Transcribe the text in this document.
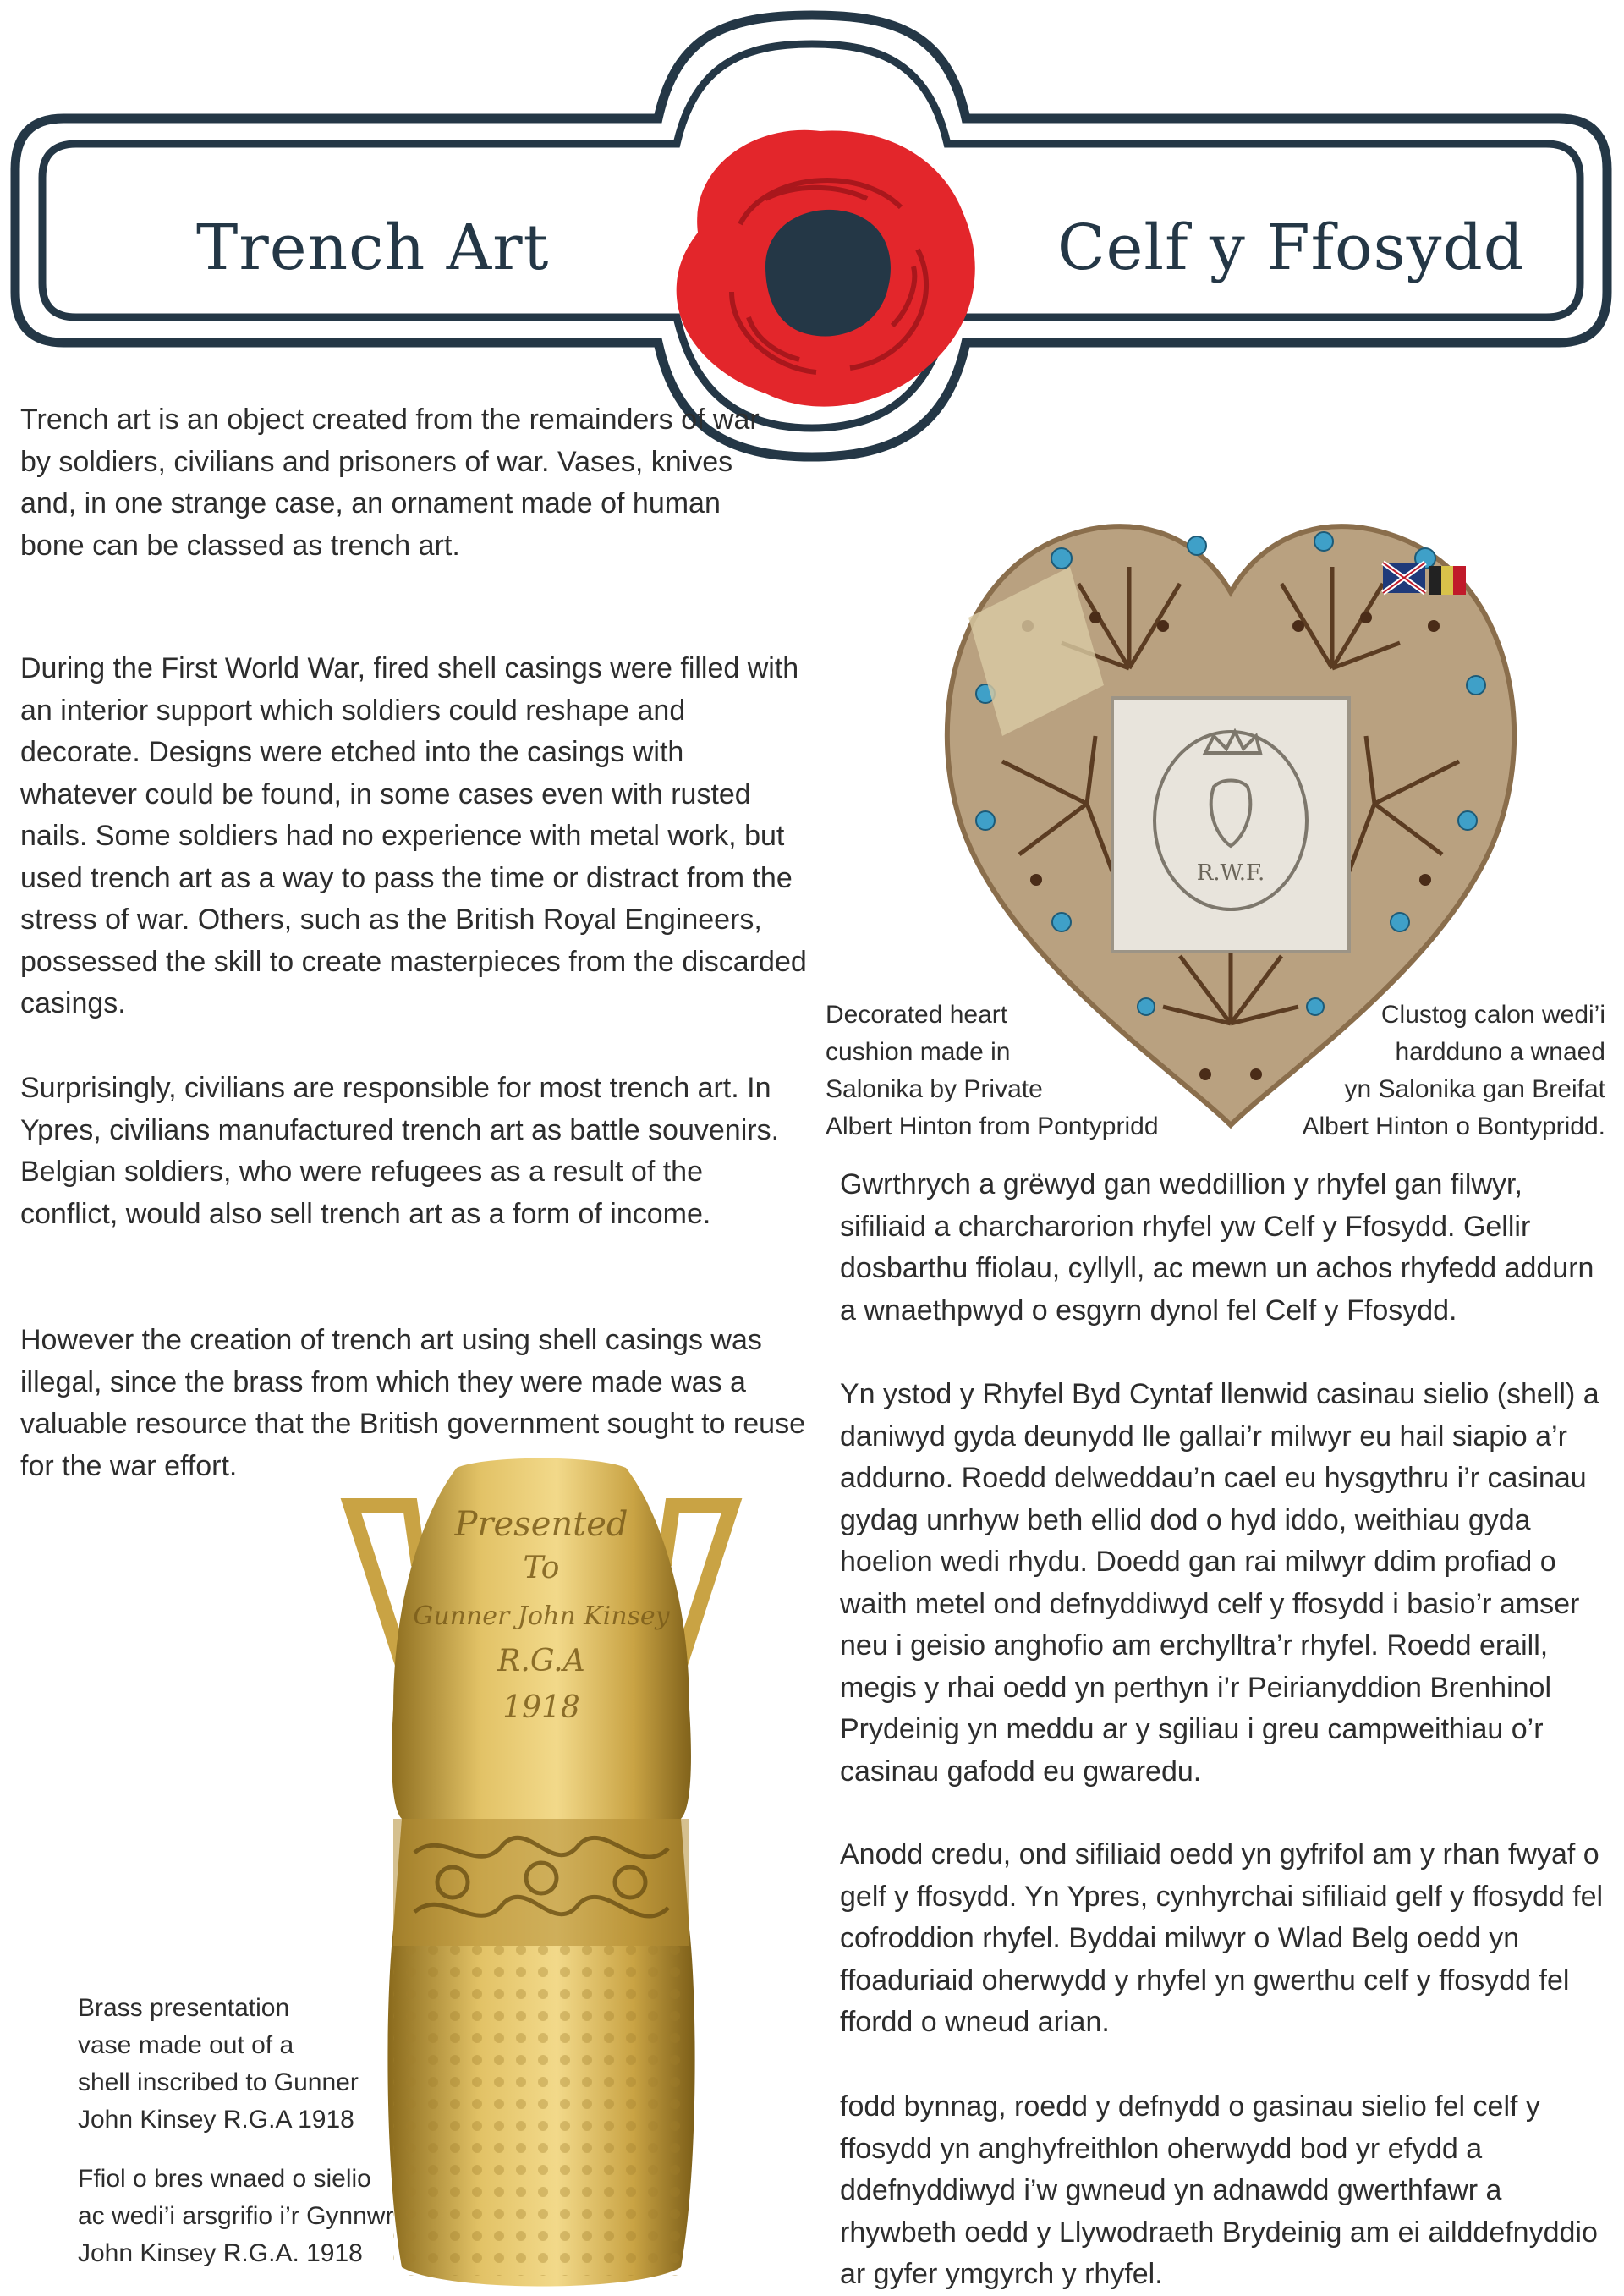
Trench Art	Celf y Ffosydd

Trench art is an object created from the remainders of war by soldiers, civilians and prisoners of war. Vases, knives and, in one strange case, an ornament made of human bone can be classed as trench art.

During the First World War, fired shell casings were filled with an interior support which soldiers could reshape and decorate. Designs were etched into the casings with whatever could be found, in some cases even with rusted nails. Some soldiers had no experience with metal work, but used trench art as a way to pass the time or distract from the stress of war. Others, such as the British Royal Engineers, possessed the skill to create masterpieces from the discarded casings.

Surprisingly, civilians are responsible for most trench art. In Ypres, civilians manufactured trench art as battle souvenirs. Belgian soldiers, who were refugees as a result of the conflict, would also sell trench art as a form of income.

However the creation of trench art using shell casings was illegal, since the brass from which they were made was a valuable resource that the British government sought to reuse for the war effort.

R.W.F.
Decorated heart
cushion made in
Salonika by Private
Albert Hinton from Pontypridd
Clustog calon wedi’i
hardduno a wnaed
yn Salonika gan Breifat
Albert Hinton o Bontypridd.

Gwrthrych a grëwyd gan weddillion y rhyfel gan filwyr, sifiliaid a charcharorion rhyfel yw Celf y Ffosydd. Gellir dosbarthu ffiolau, cyllyll, ac mewn un achos rhyfedd addurn a wnaethpwyd o esgyrn dynol fel Celf y Ffosydd.

Yn ystod y Rhyfel Byd Cyntaf llenwid casinau sielio (shell) a daniwyd gyda deunydd lle gallai’r milwyr eu hail siapio a’r addurno. Roedd delweddau’n cael eu hysgythru i’r casinau gydag unrhyw beth ellid dod o hyd iddo, weithiau gyda hoelion wedi rhydu. Doedd gan rai milwyr ddim profiad o waith metel ond defnyddiwyd celf y ffosydd i basio’r amser neu i geisio anghofio am erchylltra’r rhyfel. Roedd eraill, megis y rhai oedd yn perthyn i’r Peirianyddion Brenhinol Prydeinig yn meddu ar y sgiliau i greu campweithiau o’r casinau gafodd eu gwaredu.

Anodd credu, ond sifiliaid oedd yn gyfrifol am y rhan fwyaf o gelf y ffosydd. Yn Ypres, cynhyrchai sifiliaid gelf y ffosydd fel cofroddion rhyfel. Byddai milwyr o Wlad Belg oedd yn ffoaduriaid oherwydd y rhyfel yn gwerthu celf y ffosydd fel ffordd o wneud arian.

fodd bynnag, roedd y defnydd o gasinau sielio fel celf y ffosydd yn anghyfreithlon oherwydd bod yr efydd a ddefnyddiwyd i’w gwneud yn adnawdd gwerthfawr a rhywbeth oedd y Llywodraeth Brydeinig am ei ailddefnyddio ar gyfer ymgyrch y rhyfel.

Presented
To
Gunner John Kinsey
R.G.A
1918
Brass presentation
vase made out of a
shell inscribed to Gunner
John Kinsey R.G.A 1918
Ffiol o bres wnaed o sielio
ac wedi’i arsgrifio i’r Gynnwr
John Kinsey R.G.A. 1918
